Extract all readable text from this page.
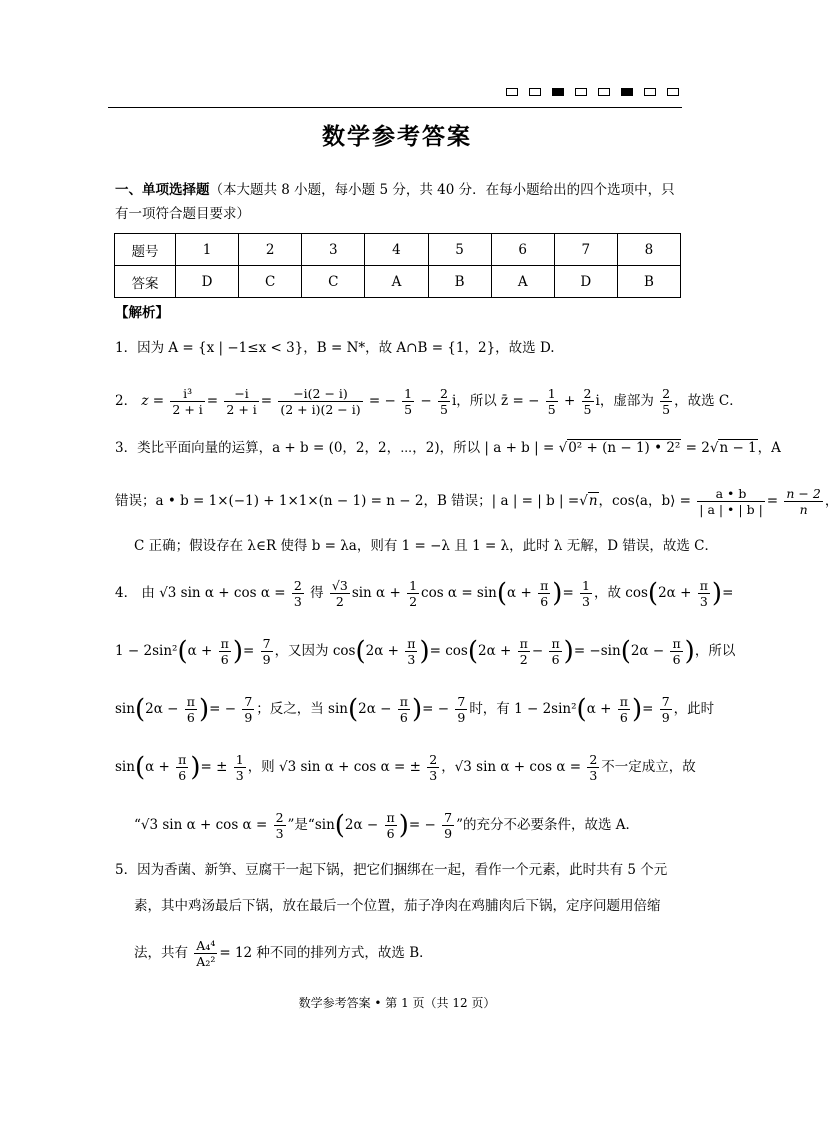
数学参考答案
一、单项选择题（本大题共 8 小题，每小题 5 分，共 40 分．在每小题给出的四个选项中，只
有一项符合题目要求）
题号	1	2	3	4	5	6	7	8
答案	D	C	C	A	B	A	D	B
【解析】
1．因为 A = {x | −1≤x < 3}，B = N*，故 A∩B = {1，2}，故选 D.
2． $z = \frac{\text{i³}}{2 + i} = \frac{-i}{2 + i} = \frac{-i(2 - i)}{(2 + i)(2 - i)}$ = − $\frac{1}{5} - \frac{2}{5}$ i，所以 z̄ = − $\frac{1}{5} + \frac{2}{5}$ i，虚部为 $\frac{2}{5}$ ，故选 C．
3．类比平面向量的运算，a + b = (0，2，2，⋯，2)，所以 | a + b | = √0² + (n − 1) • 2² = 2√n − 1，A
错误；a • b = 1×(−1) + 1×1×(n − 1) = n − 2，B 错误；| a | = | b | =√n，cos⟨a，b⟩ = $\frac{a • b}{| a | • | b |} = \frac{n - 2}{n}$ ，
C 正确；假设存在 λ∈R 使得 b = λa，则有 1 = −λ 且 1 = λ，此时 λ 无解，D 错误，故选 C．
4． 由 √3 $\sin \alpha + \cos \alpha = \frac{2}{3}$ 得 $\frac{√3}{2}$ $\sin \alpha + \frac{1}{2}$ $\cos \alpha = \sin(\alpha + \frac{\pi}{6}$ )= $\frac{1}{3}$ ，故 $\cos(2\alpha + \frac{\pi}{3}$ )=
$1 - 2\sin^2(\alpha + \frac{\pi}{6}$ )= $\frac{7}{9}$ ，又因为 $\cos(2\alpha + \frac{\pi}{3}$ )= $\cos(2\alpha + \frac{\pi}{2} - \frac{\pi}{6}$ )= $-\sin(2\alpha - \frac{\pi}{6}$ )，所以
$\sin(2\alpha - \frac{\pi}{6}$ )= − $\frac{7}{9}$ ；反之，当 $\sin(2\alpha - \frac{\pi}{6}$ )= − $\frac{7}{9}$ 时，有 $1 - 2\sin^2(\alpha + \frac{\pi}{6}$ )= $\frac{7}{9}$ ，此时
$\sin(\alpha + \frac{\pi}{6}$ )= ± $\frac{1}{3}$ ，则 √3 sin α + cos α = ± $\frac{2}{3}$ ，√3 $\sin \alpha + \cos \alpha = \frac{2}{3}$ 不一定成立，故
“√3 $\sin \alpha + \cos \alpha = \frac{2}{3}$ ”是“$\sin(2\alpha - \frac{\pi}{6}$ )= − $\frac{7}{9}$ ”的充分不必要条件，故选 A．
5．因为香菌、新笋、豆腐干一起下锅，把它们捆绑在一起，看作一个元素，此时共有 5 个元
素，其中鸡汤最后下锅，放在最后一个位置，茄子净肉在鸡脯肉后下锅，定序问题用倍缩
法，共有 $\frac{\text{A₄⁴}}{\text{A₂²}} = 12$ 种不同的排列方式，故选 B．
数学参考答案 • 第 1 页（共 12 页）
